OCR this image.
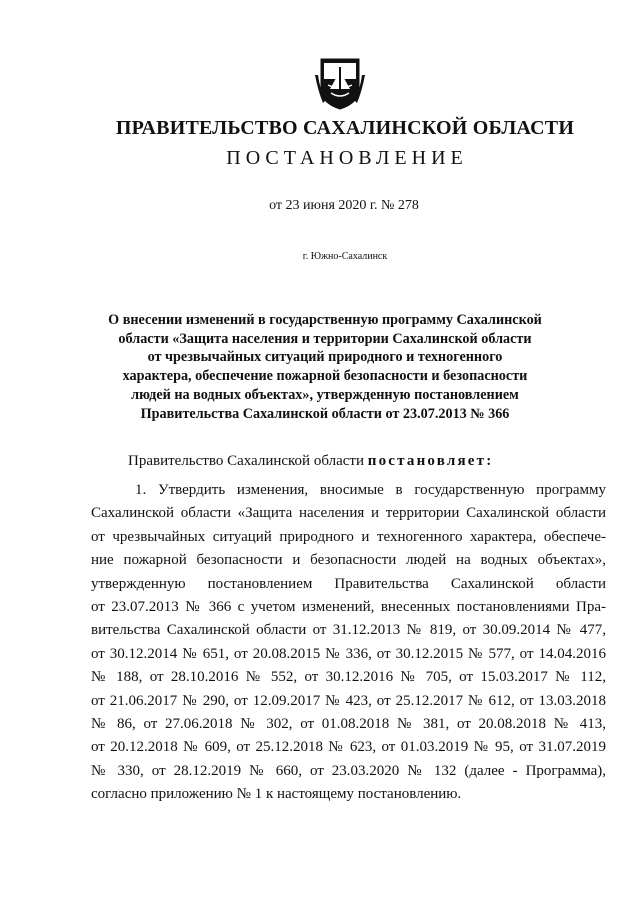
ПРАВИТЕЛЬСТВО САХАЛИНСКОЙ ОБЛАСТИ
ПОСТАНОВЛЕНИЕ
от 23 июня 2020 г. № 278
г. Южно-Сахалинск
О внесении изменений в государственную программу Сахалинской
области «Защита населения и территории Сахалинской области
от чрезвычайных ситуаций природного и техногенного
характера, обеспечение пожарной безопасности и безопасности
людей на водных объектах», утвержденную постановлением
Правительства Сахалинской области от 23.07.2013 № 366
Правительство Сахалинской области постановляет:
1. Утвердить изменения, вносимые в государственную программу
Сахалинской области «Защита населения и территории Сахалинской области
от чрезвычайных ситуаций природного и техногенного характера, обеспече-
ние пожарной безопасности и безопасности людей на водных объектах»,
утвержденную постановлением Правительства Сахалинской области
от 23.07.2013 № 366 с учетом изменений, внесенных постановлениями Пра-
вительства Сахалинской области от 31.12.2013 № 819, от 30.09.2014 № 477,
от 30.12.2014 № 651, от 20.08.2015 № 336, от 30.12.2015 № 577, от 14.04.2016
№ 188, от 28.10.2016 № 552, от 30.12.2016 № 705, от 15.03.2017 № 112,
от 21.06.2017 № 290, от 12.09.2017 № 423, от 25.12.2017 № 612, от 13.03.2018
№ 86, от 27.06.2018 № 302, от 01.08.2018 № 381, от 20.08.2018 № 413,
от 20.12.2018 № 609, от 25.12.2018 № 623, от 01.03.2019 № 95, от 31.07.2019
№ 330, от 28.12.2019 № 660, от 23.03.2020 № 132 (далее - Программа),
согласно приложению № 1 к настоящему постановлению.
